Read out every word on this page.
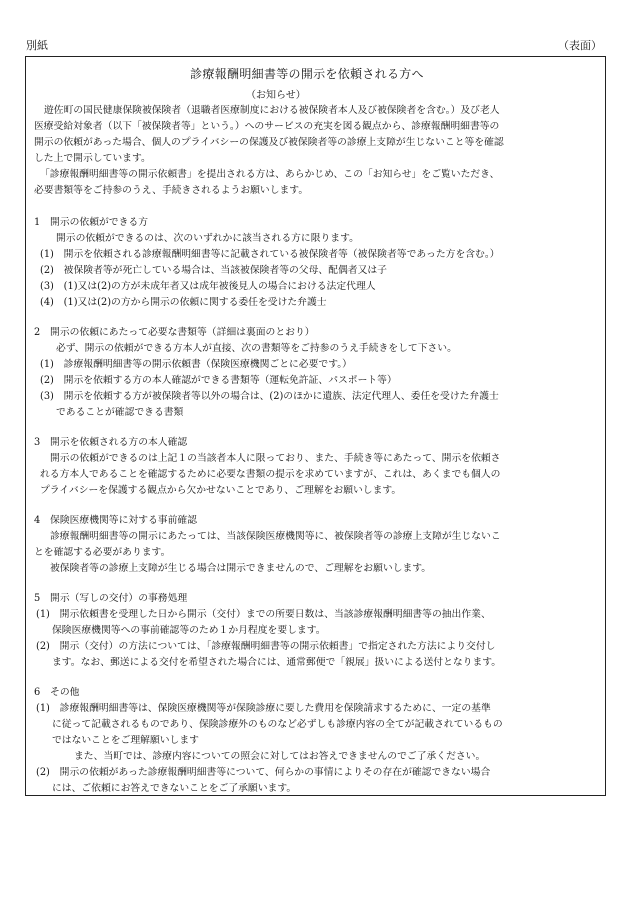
別紙	（表面）
診療報酬明細書等の開示を依頼される方へ
（お知らせ）
遊佐町の国民健康保険被保険者（退職者医療制度における被保険者本人及び被保険者を含む。）及び老人
医療受給対象者（以下「被保険者等」という。）へのサービスの充実を図る観点から、診療報酬明細書等の
開示の依頼があった場合、個人のプライバシーの保護及び被保険者等の診療上支障が生じないこと等を確認
した上で開示しています。
「診療報酬明細書等の開示依頼書」を提出される方は、あらかじめ、この「お知らせ」をご覧いただき、
必要書類等をご持参のうえ、手続きされるようお願いします。
1　開示の依頼ができる方
開示の依頼ができるのは、次のいずれかに該当される方に限ります。
(1)　開示を依頼される診療報酬明細書等に記載されている被保険者等（被保険者等であった方を含む。）
(2)　被保険者等が死亡している場合は、当該被保険者等の父母、配偶者又は子
(3)　(1)又は(2)の方が未成年者又は成年被後見人の場合における法定代理人
(4)　(1)又は(2)の方から開示の依頼に関する委任を受けた弁護士
2　開示の依頼にあたって必要な書類等（詳細は裏面のとおり）
必ず、開示の依頼ができる方本人が直接、次の書類等をご持参のうえ手続きをして下さい。
(1)　診療報酬明細書等の開示依頼書（保険医療機関ごとに必要です。）
(2)　開示を依頼する方の本人確認ができる書類等（運転免許証、パスポート等）
(3)　開示を依頼する方が被保険者等以外の場合は、(2)のほかに遺族、法定代理人、委任を受けた弁護士
であることが確認できる書類
3　開示を依頼される方の本人確認
開示の依頼ができるのは上記１の当該者本人に限っており、また、手続き等にあたって、開示を依頼さ
れる方本人であることを確認するために必要な書類の提示を求めていますが、これは、あくまでも個人の
プライバシーを保護する観点から欠かせないことであり、ご理解をお願いします。
4　保険医療機関等に対する事前確認
診療報酬明細書等の開示にあたっては、当該保険医療機関等に、被保険者等の診療上支障が生じないこ
とを確認する必要があります。
被保険者等の診療上支障が生じる場合は開示できませんので、ご理解をお願いします。
5　開示（写しの交付）の事務処理
(1)　開示依頼書を受理した日から開示（交付）までの所要日数は、当該診療報酬明細書等の抽出作業、
保険医療機関等への事前確認等のため１か月程度を要します。
(2)　開示（交付）の方法については、「診療報酬明細書等の開示依頼書」で指定された方法により交付し
ます。なお、郵送による交付を希望された場合には、通常郵便で「親展」扱いによる送付となります。
6　その他
(1)　診療報酬明細書等は、保険医療機関等が保険診療に要した費用を保険請求するために、一定の基準
に従って記載されるものであり、保険診療外のものなど必ずしも診療内容の全てが記載されているもの
ではないことをご理解願いします
また、当町では、診療内容についての照会に対してはお答えできませんのでご了承ください。
(2)　開示の依頼があった診療報酬明細書等について、何らかの事情によりその存在が確認できない場合
には、ご依頼にお答えできないことをご了承願います。
